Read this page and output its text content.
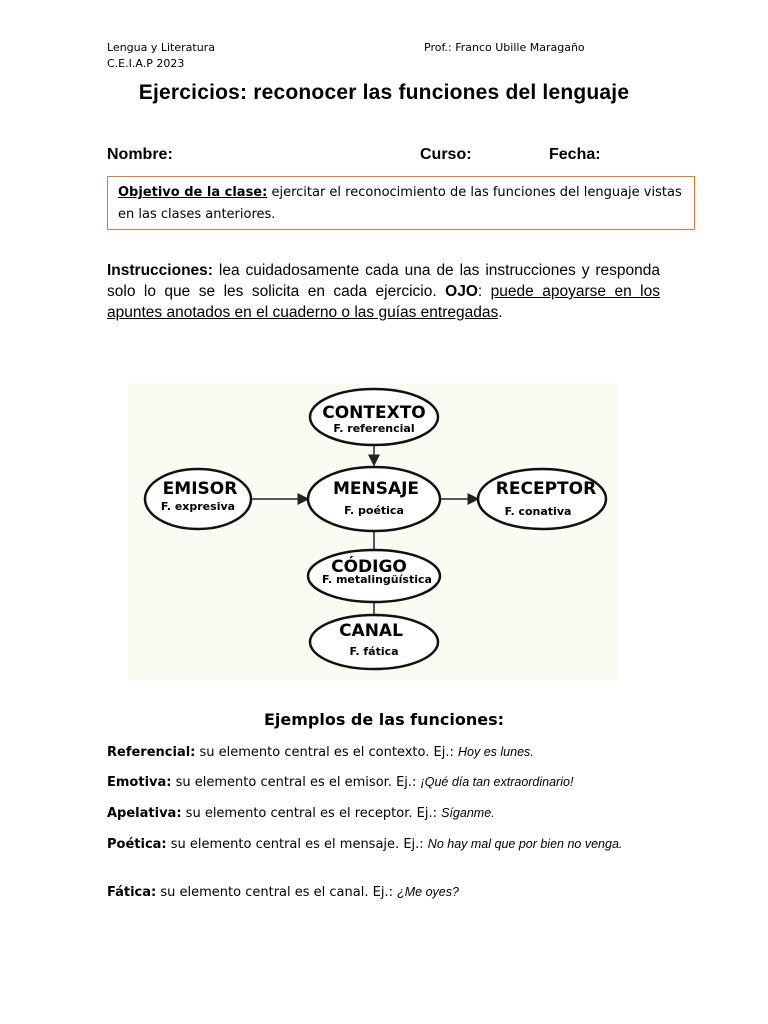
Lengua y Literatura
C.E.I.A.P 2023
Prof.: Franco Ubille Maragaño
Ejercicios: reconocer las funciones del lenguaje
Nombre:	Curso:	Fecha:
Objetivo de la clase: ejercitar el reconocimiento de las funciones del lenguaje vistas en las clases anteriores.
Instrucciones: lea cuidadosamente cada una de las instrucciones y responda solo lo que se les solicita en cada ejercicio. OJO: puede apoyarse en los apuntes anotados en el cuaderno o las guías entregadas.
CONTEXTO
F. referencial
EMISOR
F. expresiva
MENSAJE
F. poética
RECEPTOR
F. conativa
CÓDIGO
F. metalingüística
CANAL
F. fática
Ejemplos de las funciones:
Referencial: su elemento central es el contexto. Ej.: Hoy es lunes.
Emotiva: su elemento central es el emisor. Ej.: ¡Qué día tan extraordinario!
Apelativa: su elemento central es el receptor. Ej.: Síganme.
Poética: su elemento central es el mensaje. Ej.: No hay mal que por bien no venga.
Fática: su elemento central es el canal. Ej.: ¿Me oyes?
